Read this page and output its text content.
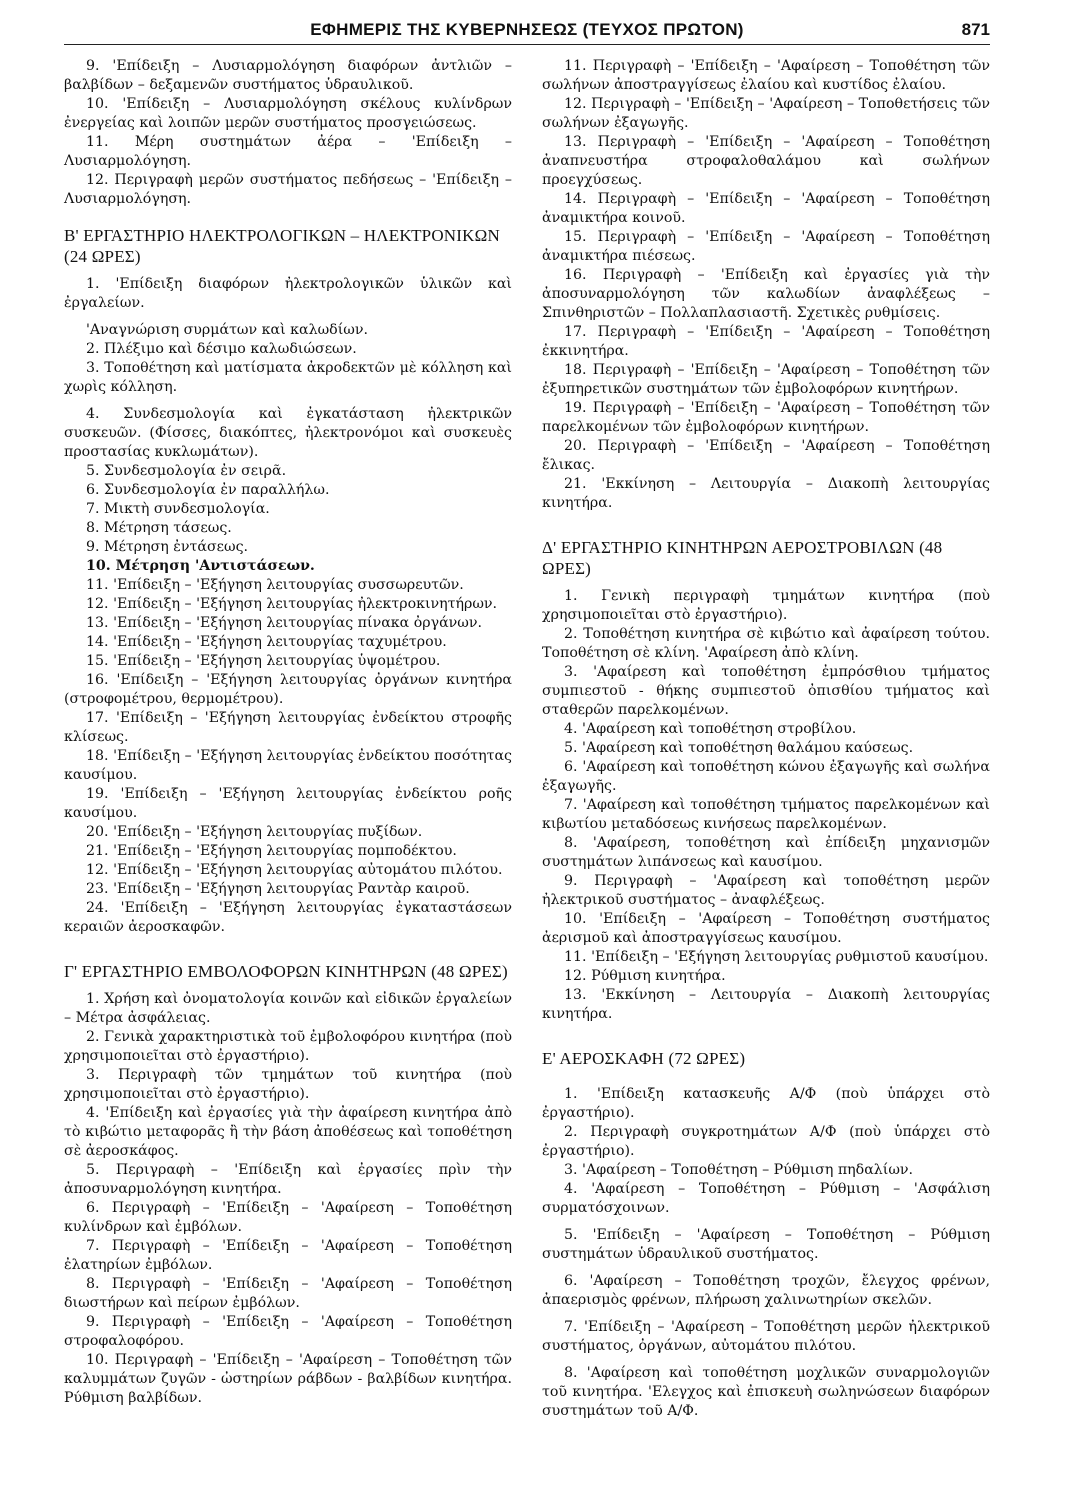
ΕΦΗΜΕΡΙΣ ΤΗΣ ΚΥΒΕΡΝΗΣΕΩΣ (ΤΕΥΧΟΣ ΠΡΩΤΟΝ)	871

9. 'Επίδειξη – Λυσιαρμολόγηση διαφόρων ἀντλιῶν – βαλβίδων – δεξαμενῶν συστήματος ὑδραυλικοῦ.

10. 'Επίδειξη – Λυσιαρμολόγηση σκέλους κυλίνδρων ἐνεργείας καὶ λοιπῶν μερῶν συστήματος προσγειώσεως.

11. Μέρη συστημάτων ἀέρα – 'Επίδειξη – Λυσιαρμολόγηση.

12. Περιγραφὴ μερῶν συστήματος πεδήσεως – 'Επίδειξη – Λυσιαρμολόγηση.

Β' ΕΡΓΑΣΤΗΡΙΟ ΗΛΕΚΤΡΟΛΟΓΙΚΩΝ – ΗΛΕΚΤΡΟΝΙΚΩΝ (24 ΩΡΕΣ)

1. 'Επίδειξη διαφόρων ἠλεκτρολογικῶν ὑλικῶν καὶ ἐργαλείων.

'Αναγνώριση συρμάτων καὶ καλωδίων.

2. Πλέξιμο καὶ δέσιμο καλωδιώσεων.

3. Τοποθέτηση καὶ ματίσματα ἀκροδεκτῶν μὲ κόλληση καὶ χωρὶς κόλληση.

4. Συνδεσμολογία καὶ ἐγκατάσταση ἠλεκτρικῶν συσκευῶν. (Φίσσες, διακόπτες, ἠλεκτρονόμοι καὶ συσκευὲς προστασίας κυκλωμάτων).

5. Συνδεσμολογία ἐν σειρᾶ.

6. Συνδεσμολογία ἐν παραλλήλω.

7. Μικτὴ συνδεσμολογία.

8. Μέτρηση τάσεως.

9. Μέτρηση ἐντάσεως.

10. Μέτρηση 'Αντιστάσεων.

11. 'Επίδειξη – 'Εξήγηση λειτουργίας συσσωρευτῶν.

12. 'Επίδειξη – 'Εξήγηση λειτουργίας ἠλεκτροκινητήρων.

13. 'Επίδειξη – 'Εξήγηση λειτουργίας πίνακα ὀργάνων.

14. 'Επίδειξη – 'Εξήγηση λειτουργίας ταχυμέτρου.

15. 'Επίδειξη – 'Εξήγηση λειτουργίας ὑψομέτρου.

16. 'Επίδειξη – 'Εξήγηση λειτουργίας ὀργάνων κινητήρα (στροφομέτρου, θερμομέτρου).

17. 'Επίδειξη – 'Εξήγηση λειτουργίας ἐνδείκτου στροφῆς κλίσεως.

18. 'Επίδειξη – 'Εξήγηση λειτουργίας ἐνδείκτου ποσότητας καυσίμου.

19. 'Επίδειξη – 'Εξήγηση λειτουργίας ἐνδείκτου ροῆς καυσίμου.

20. 'Επίδειξη – 'Εξήγηση λειτουργίας πυξίδων.

21. 'Επίδειξη – 'Εξήγηση λειτουργίας πομποδέκτου.

12. 'Επίδειξη – 'Εξήγηση λειτουργίας αὐτομάτου πιλότου.

23. 'Επίδειξη – 'Εξήγηση λειτουργίας Ραντὰρ καιροῦ.

24. 'Επίδειξη – 'Εξήγηση λειτουργίας ἐγκαταστάσεων κεραιῶν ἀεροσκαφῶν.

Γ' ΕΡΓΑΣΤΗΡΙΟ ΕΜΒΟΛΟΦΟΡΩΝ ΚΙΝΗΤΗΡΩΝ (48 ΩΡΕΣ)

1. Χρήση καὶ ὀνοματολογία κοινῶν καὶ εἰδικῶν ἐργαλείων – Μέτρα ἀσφάλειας.

2. Γενικὰ χαρακτηριστικὰ τοῦ ἐμβολοφόρου κινητήρα (ποὺ χρησιμοποιεῖται στὸ ἐργαστήριο).

3. Περιγραφὴ τῶν τμημάτων τοῦ κινητήρα (ποὺ χρησιμοποιεῖται στὸ ἐργαστήριο).

4. 'Επίδειξη καὶ ἐργασίες γιὰ τὴν ἀφαίρεση κινητήρα ἀπὸ τὸ κιβώτιο μεταφορᾶς ἢ τὴν βάση ἀποθέσεως καὶ τοποθέτηση σὲ ἀεροσκάφος.

5. Περιγραφὴ – 'Επίδειξη καὶ ἐργασίες πρὶν τὴν ἀποσυναρμολόγηση κινητήρα.

6. Περιγραφὴ – 'Επίδειξη – 'Αφαίρεση – Τοποθέτηση κυλίνδρων καὶ ἐμβόλων.

7. Περιγραφὴ – 'Επίδειξη – 'Αφαίρεση – Τοποθέτηση ἐλατηρίων ἐμβόλων.

8. Περιγραφὴ – 'Επίδειξη – 'Αφαίρεση – Τοποθέτηση διωστήρων καὶ πείρων ἐμβόλων.

9. Περιγραφὴ – 'Επίδειξη – 'Αφαίρεση – Τοποθέτηση στροφαλοφόρου.

10. Περιγραφὴ – 'Επίδειξη – 'Αφαίρεση – Τοποθέτηση τῶν καλυμμάτων ζυγῶν - ὠστηρίων ράβδων - βαλβίδων κινητήρα. Ρύθμιση βαλβίδων.

11. Περιγραφὴ – 'Επίδειξη – 'Αφαίρεση – Τοποθέτηση τῶν σωλήνων ἀποστραγγίσεως ἐλαίου καὶ κυστίδος ἐλαίου.

12. Περιγραφὴ – 'Επίδειξη – 'Αφαίρεση – Τοποθετήσεις τῶν σωλήνων ἐξαγωγῆς.

13. Περιγραφὴ – 'Επίδειξη – 'Αφαίρεση – Τοποθέτηση ἀναπνευστήρα στροφαλοθαλάμου καὶ σωλήνων προεγχύσεως.

14. Περιγραφὴ – 'Επίδειξη – 'Αφαίρεση – Τοποθέτηση ἀναμικτήρα κοινοῦ.

15. Περιγραφὴ – 'Επίδειξη – 'Αφαίρεση – Τοποθέτηση ἀναμικτήρα πιέσεως.

16. Περιγραφὴ – 'Επίδειξη καὶ ἐργασίες γιὰ τὴν ἀποσυναρμολόγηση τῶν καλωδίων ἀναφλέξεως – Σπινθηριστῶν – Πολλαπλασιαστῆ. Σχετικὲς ρυθμίσεις.

17. Περιγραφὴ – 'Επίδειξη – 'Αφαίρεση – Τοποθέτηση ἐκκινητήρα.

18. Περιγραφὴ – 'Επίδειξη – 'Αφαίρεση – Τοποθέτηση τῶν ἐξυπηρετικῶν συστημάτων τῶν ἐμβολοφόρων κινητήρων.

19. Περιγραφὴ – 'Επίδειξη – 'Αφαίρεση – Τοποθέτηση τῶν παρελκομένων τῶν ἐμβολοφόρων κινητήρων.

20. Περιγραφὴ – 'Επίδειξη – 'Αφαίρεση – Τοποθέτηση ἔλικας.

21. 'Εκκίνηση – Λειτουργία – Διακοπὴ λειτουργίας κινητήρα.

Δ' ΕΡΓΑΣΤΗΡΙΟ ΚΙΝΗΤΗΡΩΝ ΑΕΡΟΣΤΡΟΒΙΛΩΝ (48 ΩΡΕΣ)

1. Γενικὴ περιγραφὴ τμημάτων κινητήρα (ποὺ χρησιμοποιεῖται στὸ ἐργαστήριο).

2. Τοποθέτηση κινητήρα σὲ κιβώτιο καὶ ἀφαίρεση τούτου. Τοποθέτηση σὲ κλίνη. 'Αφαίρεση ἀπὸ κλίνη.

3. 'Αφαίρεση καὶ τοποθέτηση ἐμπρόσθιου τμήματος συμπιεστοῦ - θήκης συμπιεστοῦ ὀπισθίου τμήματος καὶ σταθερῶν παρελκομένων.

4. 'Αφαίρεση καὶ τοποθέτηση στροβίλου.

5. 'Αφαίρεση καὶ τοποθέτηση θαλάμου καύσεως.

6. 'Αφαίρεση καὶ τοποθέτηση κώνου ἐξαγωγῆς καὶ σωλήνα ἐξαγωγῆς.

7. 'Αφαίρεση καὶ τοποθέτηση τμήματος παρελκομένων καὶ κιβωτίου μεταδόσεως κινήσεως παρελκομένων.

8. 'Αφαίρεση, τοποθέτηση καὶ ἐπίδειξη μηχανισμῶν συστημάτων λιπάνσεως καὶ καυσίμου.

9. Περιγραφὴ – 'Αφαίρεση καὶ τοποθέτηση μερῶν ἠλεκτρικοῦ συστήματος – ἀναφλέξεως.

10. 'Επίδειξη – 'Αφαίρεση – Τοποθέτηση συστήματος ἀερισμοῦ καὶ ἀποστραγγίσεως καυσίμου.

11. 'Επίδειξη – 'Εξήγηση λειτουργίας ρυθμιστοῦ καυσίμου.

12. Ρύθμιση κινητήρα.

13. 'Εκκίνηση – Λειτουργία – Διακοπὴ λειτουργίας κινητήρα.

Ε' ΑΕΡΟΣΚΑΦΗ (72 ΩΡΕΣ)

1. 'Επίδειξη κατασκευῆς Α/Φ (ποὺ ὑπάρχει στὸ ἐργαστήριο).

2. Περιγραφὴ συγκροτημάτων Α/Φ (ποὺ ὑπάρχει στὸ ἐργαστήριο).

3. 'Αφαίρεση – Τοποθέτηση – Ρύθμιση πηδαλίων.

4. 'Αφαίρεση – Τοποθέτηση – Ρύθμιση – 'Ασφάλιση συρματόσχοινων.

5. 'Επίδειξη – 'Αφαίρεση – Τοποθέτηση – Ρύθμιση συστημάτων ὑδραυλικοῦ συστήματος.

6. 'Αφαίρεση – Τοποθέτηση τροχῶν, ἔλεγχος φρένων, ἀπαερισμὸς φρένων, πλήρωση χαλινωτηρίων σκελῶν.

7. 'Επίδειξη – 'Αφαίρεση – Τοποθέτηση μερῶν ἠλεκτρικοῦ συστήματος, ὀργάνων, αὐτομάτου πιλότου.

8. 'Αφαίρεση καὶ τοποθέτηση μοχλικῶν συναρμολογιῶν τοῦ κινητήρα. 'Ελεγχος καὶ ἐπισκευὴ σωληνώσεων διαφόρων συστημάτων τοῦ Α/Φ.
